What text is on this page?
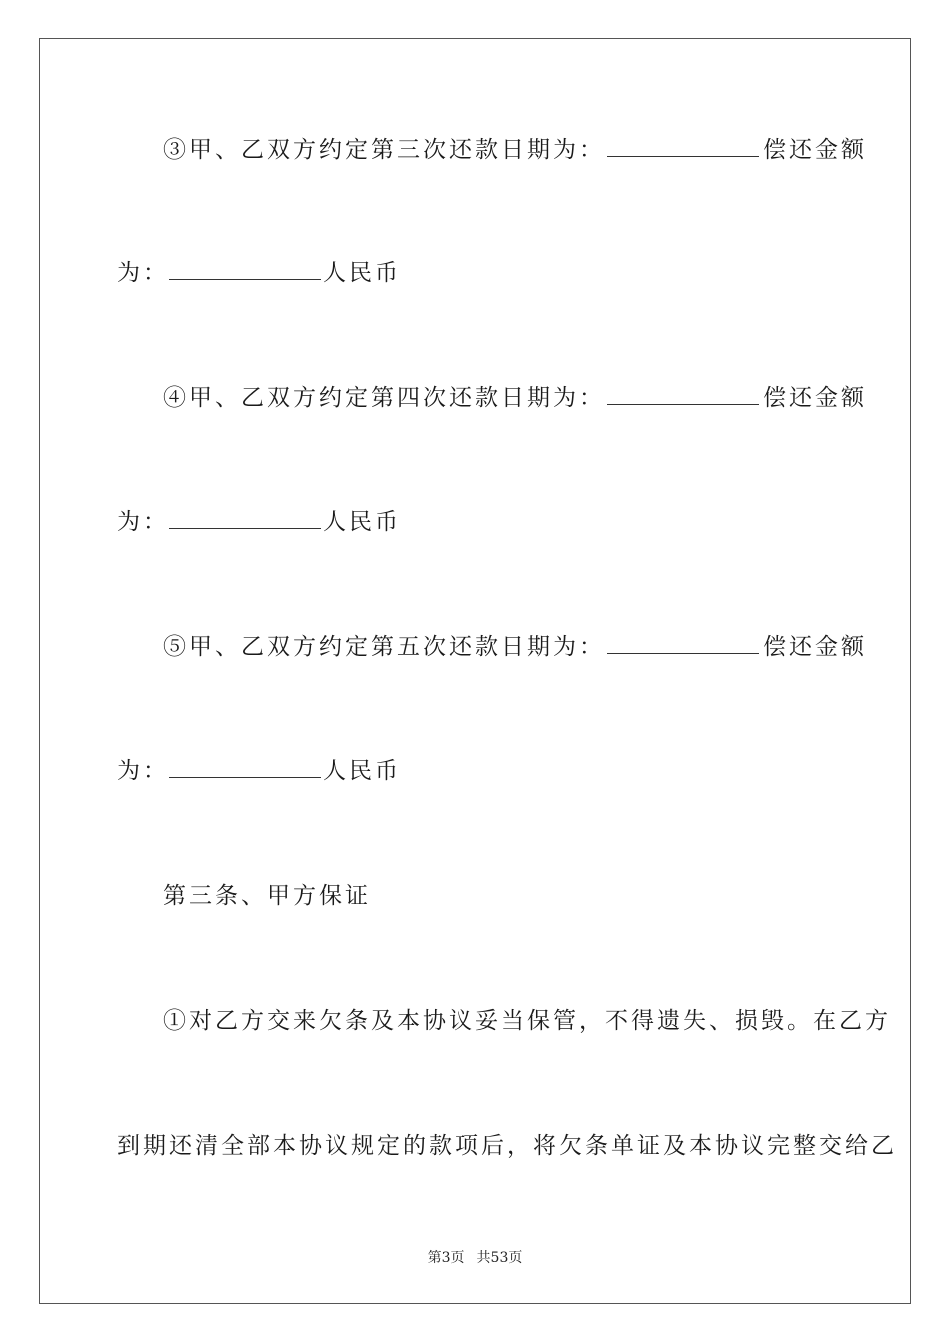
③甲、乙双方约定第三次还款日期为：	偿还金额
为：	人民币
④甲、乙双方约定第四次还款日期为：	偿还金额
为：	人民币
⑤甲、乙双方约定第五次还款日期为：	偿还金额
为：	人民币
第三条、甲方保证
①对乙方交来欠条及本协议妥当保管，不得遗失、损毁。在乙方
到期还清全部本协议规定的款项后，将欠条单证及本协议完整交给乙
第3页 共53页
